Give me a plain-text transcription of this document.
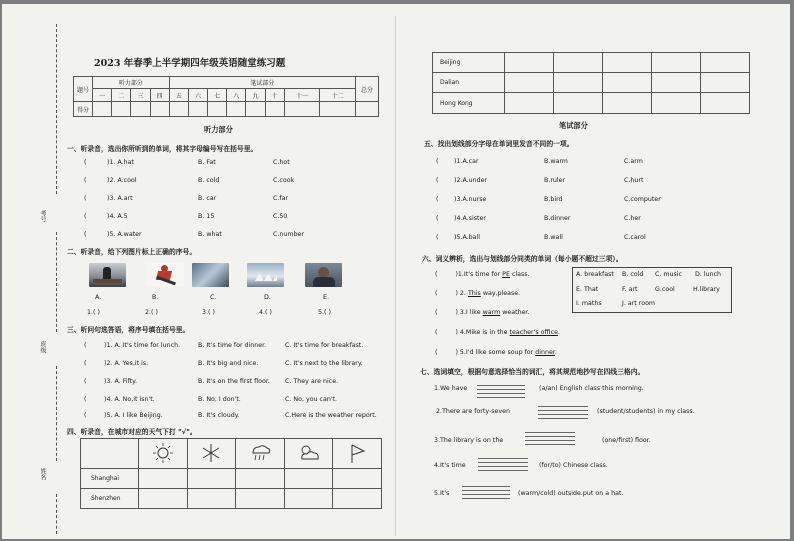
考号
班级
姓名
2023 年春季上半学期四年级英语随堂练习题
题号	听力部分				笔试部分								总分
	一	二	三	四	五	六	七	八	九	十	十一	十二	
得分													
听力部分
一、听录音，选出你所听到的单词，将其字母编号写在括号里。
(	)1. A.hat	B. Fat	C.hot
(	)2. A.cool	B. cold	C.cook
(	)3. A.art	B. car	C.far
(	)4. A.5	B. 15	C.50
(	)5. A.water	B. what	C.number
二、听录音，给下列图片标上正确的序号。
A.	B.	C.	D.	E.
1.( )	2.( )	3.( )	4.( )	5.( )
三、听问句选答语，将序号填在括号里。
(	)1. A. It's time for lunch.	B. It's time for dinner.	C. It's time for breakfast.
(	)2. A. Yes,it is.	B. It's big and nice.	C. It's next to the library.
(	)3. A. Fifty.	B. It's on the first floor. C. They are nice.
(	)4. A. No,it isn't.	B. No, I don't.	C. No, you can't.
(	)5. A. I like Beijing.	B. It's cloudy.	C.Here is the weather report.
四、听录音，在城市对应的天气下打 "√"。

Shanghai					
Shenzhen					
Beijing					
Dalian					
Hong Kong					
笔试部分
五、找出划线部分字母在单词里发音不同的一项。
( )1.A.car	B.warm	C.arm
( )2.A.under	B.ruler	C.hurt
( )3.A.nurse	B.bird	C.computer
( )4.A.sister	B.dinner	C.her
( )5.A.ball	B.wall	C.carol
六、词义辨析，选出与划线部分同类的单词（每小题不超过三项）。
(	)1.It's time for PE class.
(	) 2. This way,please.
(	) 3.I like warm weather.
(	) 4.Mike is in the teacher's office.
(	) 5.I'd like some soup for dinner.
A. breakfast B. cold C. music D. lunch
E. That	F. art	G.cool	H.library
I. maths	J. art room
七、选词填空，根据句意选择恰当的词汇，将其规范地抄写在四线三格内。
1.We have	(a/an) English class this morning.
2.There are forty-seven	(student/students) in my class.
3.The library is on the	(one/first) floor.
4.It's time	(for/to) Chinese class.
5.It's	(warm/cold) outside.put on a hat.
